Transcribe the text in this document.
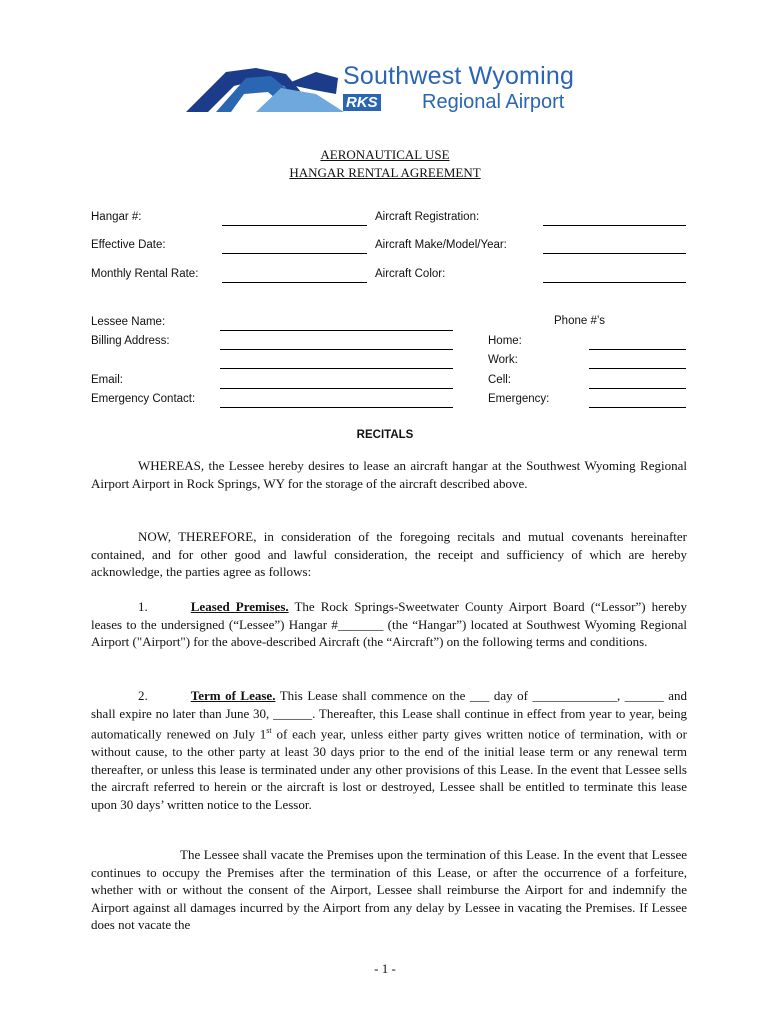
Southwest Wyoming
RKS Regional Airport
AERONAUTICAL USE
HANGAR RENTAL AGREEMENT
Hangar #:	Aircraft Registration:
Effective Date:	Aircraft Make/Model/Year:
Monthly Rental Rate:	Aircraft Color:
Lessee Name:	Phone #’s
Billing Address:	Home:
Work:
Email:	Cell:
Emergency Contact:	Emergency:
RECITALS

WHEREAS, the Lessee hereby desires to lease an aircraft hangar at the Southwest Wyoming Regional Airport Airport in Rock Springs, WY for the storage of the aircraft described above.

NOW, THEREFORE, in consideration of the foregoing recitals and mutual covenants hereinafter contained, and for other good and lawful consideration, the receipt and sufficiency of which are hereby acknowledge, the parties agree as follows:

1.	Leased Premises. The Rock Springs-Sweetwater County Airport Board (“Lessor”) hereby leases to the undersigned (“Lessee”) Hangar #_______ (the “Hangar”) located at Southwest Wyoming Regional Airport ("Airport") for the above-described Aircraft (the “Aircraft”) on the following terms and conditions.

2.	Term of Lease. This Lease shall commence on the ___ day of _____________, ______ and shall expire no later than June 30, ______. Thereafter, this Lease shall continue in effect from year to year, being automatically renewed on July 1st of each year, unless either party gives written notice of termination, with or without cause, to the other party at least 30 days prior to the end of the initial lease term or any renewal term thereafter, or unless this lease is terminated under any other provisions of this Lease. In the event that Lessee sells the aircraft referred to herein or the aircraft is lost or destroyed, Lessee shall be entitled to terminate this lease upon 30 days’ written notice to the Lessor.

The Lessee shall vacate the Premises upon the termination of this Lease. In the event that Lessee continues to occupy the Premises after the termination of this Lease, or after the occurrence of a forfeiture, whether with or without the consent of the Airport, Lessee shall reimburse the Airport for and indemnify the Airport against all damages incurred by the Airport from any delay by Lessee in vacating the Premises. If Lessee does not vacate the

- 1 -
